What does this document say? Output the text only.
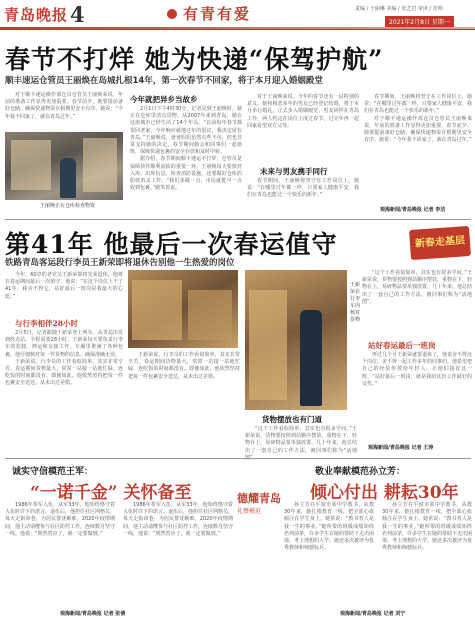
青岛晚报 4	有青有爱	责编 / 于丽琳 美编 / 张艺岩 审读 / 范明
2021年2月8日 星期一
春节不打烊 她为快递“保驾护航”
顺丰速运仓管员王丽焕在岛城扎根14年，第一次春节不回家，将于本月迎入婚姻殿堂

对于顺丰速运操作部仓员仓管员王丽焕来说，年前的准备工作显得更加重要。春节前夕，她要提前备好仓储，确保快递物资在假期里安全有序。她说：“今年我不回家了，就在青岛过年。”

王丽焕正在仓库检查物资
今年就把异乡当故乡

2月1日下午4时30分，记者见到王丽焕时，她正在仓库里清点货物。从2007年来到青岛，她在这座城市已经生活了14个年头。“以前每年春节都要回老家，今年响应就地过年的倡议，我决定留在青岛。”王丽焕说，爸爸妈妈虽然有些不舍，但也非常支持她的决定。春节期间她会和同事们一起值班，保障快递包裹的安全存放和及时中转。

据介绍，春节期间顺丰速运不打烊，仓管员是保障快件顺利流转的重要一环。王丽焕每天要核对入库、出库信息，检查消防设施，还要做好仓库的防疫消杀工作。“我们多做一点，市民就能早一点收到包裹。”她笑着说。

对于王丽焕来说，今年的春节还有一层特别的意义。她和相恋多年的男友已经登记结婚，将于本月举行婚礼，正式步入婚姻殿堂。男友同样在青岛工作，两人约定在岗位上度过春节，过完年再一起回家看望双方父母。

未来与男友携手同行

春节期间，王丽焕将坚守在工作岗位上，她说：“在哪里过年都一样，只要家人健康平安，我们在青岛也能过一个快乐的新年。”

春节期间，王丽焕将坚守在工作岗位上，她说：“在哪里过年都一样，只要家人健康平安，我们在青岛也能过一个快乐的新年。”

对于顺丰速运操作部仓员仓管员王丽焕来说，年前的准备工作显得更加重要。春节前夕，她要提前备好仓储，确保快递物资在假期里安全有序。她说：“今年我不回家了，就在青岛过年。”

观海新闻/青岛晚报 记者 李洁
第41年 他最后一次春运值守
铁路青岛客运段行李员王新荣即将退休告别他一生热爱的岗位
新春走基层

今年，60岁的老党员王新荣即将光荣退休，他将在春运期间最后一次值守，他说：“在这个岗位上干了41年，我舍不得它，站好最后一班岗是我最大的心愿。”

与行李相伴28小时

2月5日，记者跟随王新荣登上列车。从青岛出发到终点站，全程需要28小时。王新荣每天要负责行李车的装卸、押运和交接工作。车厢里堆满了各种包裹，他仔细核对每一件货物的信息，确保准确无误。

王新荣说，行李员的工作看似简单，其实非常辛苦。春运期间货物量大，常常一站接一站地忙碌，连吃饭的时间都没有。即便如此，他依然坚持把每一件包裹安全送达，从未出过差错。

王新荣说，行李员的工作看似简单，其实非常辛苦。春运期间货物量大，常常一站接一站地忙碌，连吃饭的时间都没有。即便如此，他依然坚持把每一件包裹安全送达，从未出过差错。

王新荣在行李车内核对货物
货物摆放也有门道

“这个工作看似简单，其实也有很多学问。”王新荣说，货物要按照到站顺序摆放，重物在下，轻物在上，易碎物品要单独放置。几十年来，他总结出了一套自己的工作方法，被同事们称为“活地

“这个工作看似简单，其实也有很多学问。”王新荣说，货物要按照到站顺序摆放，重物在下，轻物在上，易碎物品要单独放置。几十年来，他总结出了一套自己的工作方法，被同事们称为“活地图”。

站好春运最后一班岗

再过几个月王新荣就要退休了，他说舍不得这个岗位，舍不得一起工作多年的同事们。他希望把自己的经验传授给年轻人，让他们接好这一班。“站好最后一班岗，就是我给这份工作最好的交代。”

观海新闻/青岛晚报 记者 王涛
诚实守信模范王军：
“一诺千金” 关怀备至

1986年参军入伍，从军33年，他始终恪守着入伍时许下的诺言。退伍后，他担任社区网格员，每天走街串巷，为居民排忧解难。2020年疫情期间，他主动请缨参与社区防控工作，连续数月坚守一线。他说：“既然答应了，就一定要做到。”

1986年参军入伍，从军33年，他始终恪守着入伍时许下的诺言。退伍后，他担任社区网格员，每天走街串巷，为居民排忧解难。2020年疫情期间，他主动请缨参与社区防控工作，连续数月坚守一线。他说：“既然答应了，就一定要做到。”

观海新闻/青岛晚报 记者 张倩
德耀青岛
礼赞模范
敬业奉献模范孙立芳：
倾心付出 耕耘30年

孙立芳在平度市某中学教书，从教30年来，她扎根教育一线，把全部心血倾注在学生身上。她常说：“教书育人是我一生的事业。”她所带的班级成绩始终名列前茅，许多学生在她的帮助下走出困境、考上理想的大学。她还多次被评为优秀教师和师德标兵。

孙立芳在平度市某中学教书，从教30年来，她扎根教育一线，把全部心血倾注在学生身上。她常说：“教书育人是我一生的事业。”她所带的班级成绩始终名列前茅，许多学生在她的帮助下走出困境、考上理想的大学。她还多次被评为优秀教师和师德标兵。

观海新闻/青岛晚报 记者 刘宁
